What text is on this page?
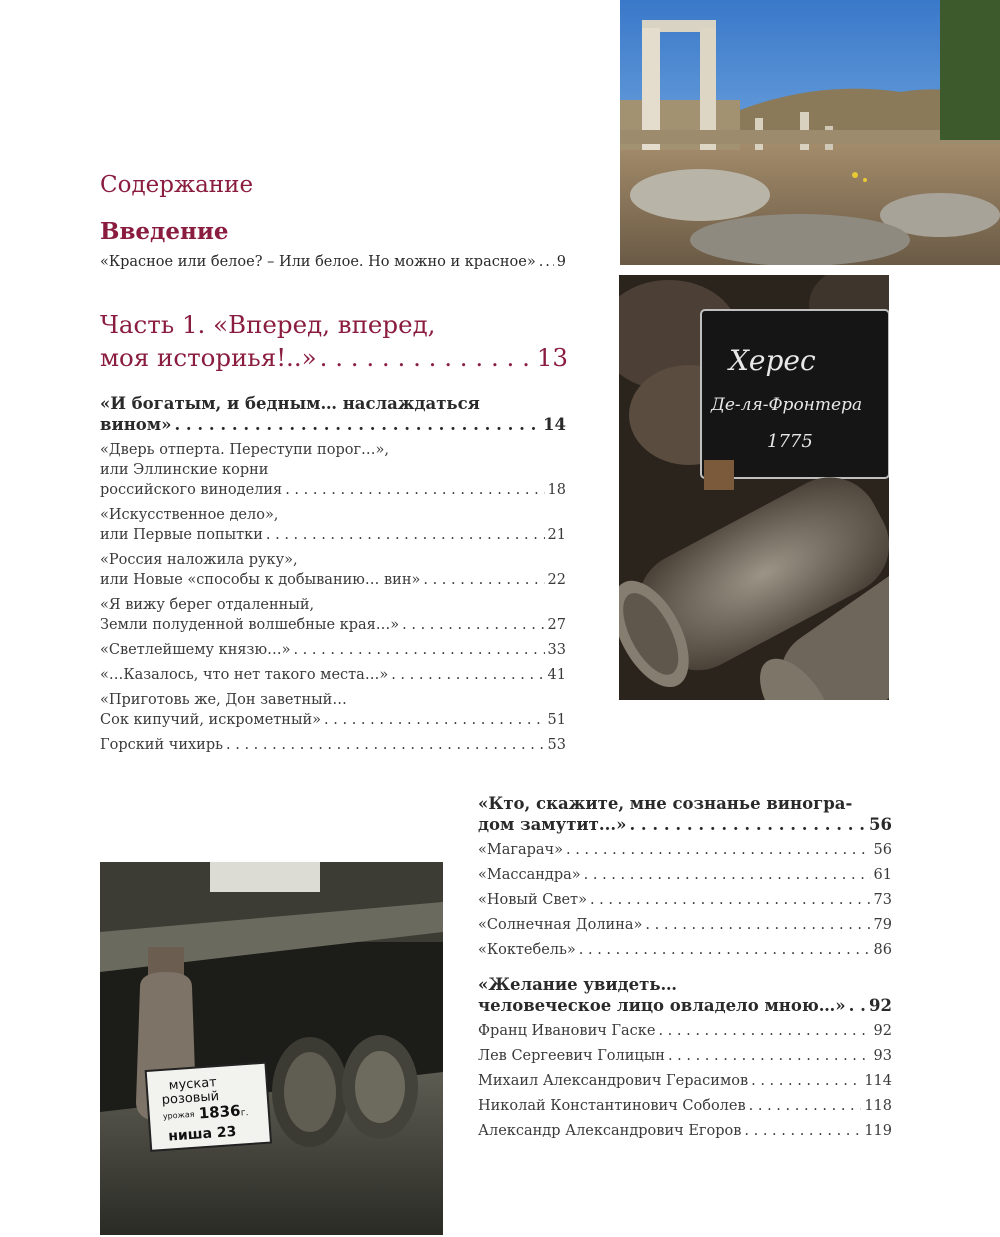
Херес
Де-ля-Фронтера
1775
мускат
розовый
урожая 1836 г.
ниша 23
Содержание
Введение
«Красное или белое? – Или белое. Но можно и красное» ..... 9
Часть 1. «Вперед, вперед,
моя историья!..» . . .	13
«И богатым, и бедным… наслаждаться
вином» . . .	14
«Дверь отперта. Переступи порог…»,
или Эллинские корни
российского виноделия . . .	18
«Искусственное дело»,
или Первые попытки . . .	21
«Россия наложила руку»,
или Новые «способы к добыванию… вин» . . .	22
«Я вижу берег отдаленный,
Земли полуденной волшебные края…» . . .	27
«Светлейшему князю…» . . .	33
«…Казалось, что нет такого места…» . . .	41
«Приготовь же, Дон заветный…
Сок кипучий, искрометный» . . .	51
Горский чихирь . . .	53
«Кто, скажите, мне сознанье виногра-
дом замутит...» . . .	56
«Магарач» . . .	56
«Массандра» . . .	61
«Новый Свет» . . .	73
«Солнечная Долина» . . .	79
«Коктебель» . . .	86
«Желание увидеть…
человеческое лицо овладело мною…» . . . 92
Франц Иванович Гаске . . .	92
Лев Сергеевич Голицын . . .	93
Михаил Александрович Герасимов . . .	114
Николай Константинович Соболев . . .	118
Александр Александрович Егоров . . .	119
